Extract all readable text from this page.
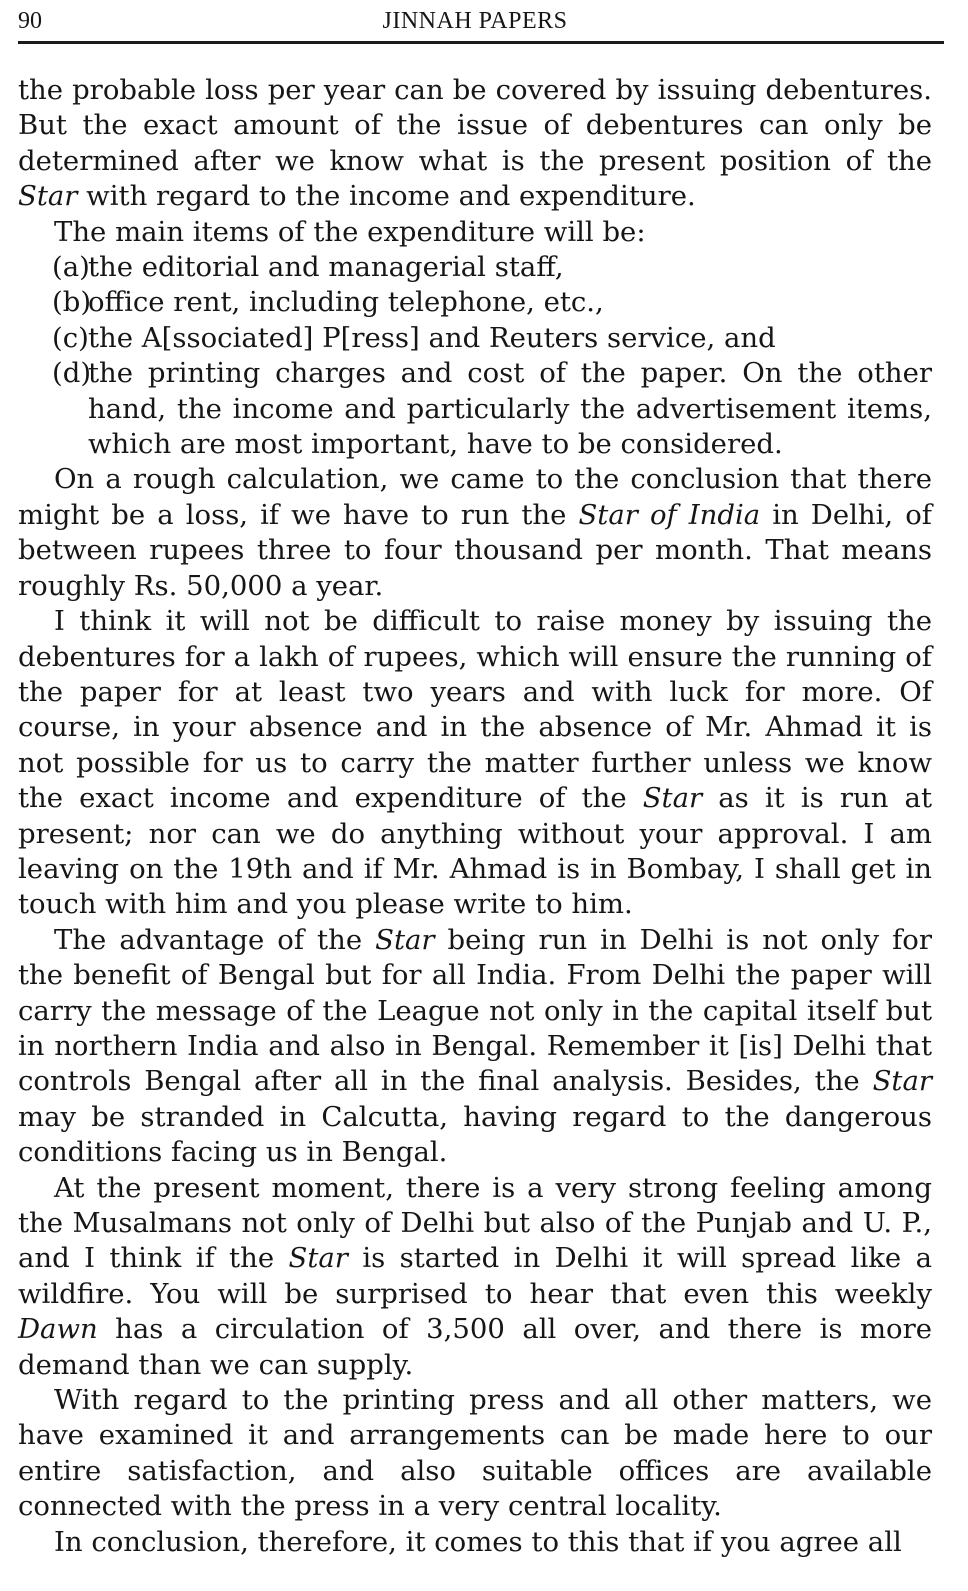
90	JINNAH PAPERS

the probable loss per year can be covered by issuing debentures. But the exact amount of the issue of debentures can only be determined after we know what is the present position of the Star with regard to the income and expenditure.

The main items of the expenditure will be:

(a)
the editorial and managerial staff,
(b)
office rent, including telephone, etc.,
(c) the A[ssociated] P[ress] and Reuters service, and
(d)
the printing charges and cost of the paper. On the other hand, the income and particularly the advertisement items, which are most important, have to be considered.

On a rough calculation, we came to the conclusion that there might be a loss, if we have to run the Star of India in Delhi, of between rupees three to four thousand per month. That means roughly Rs. 50,000 a year.

I think it will not be difficult to raise money by issuing the debentures for a lakh of rupees, which will ensure the running of the paper for at least two years and with luck for more. Of course, in your absence and in the absence of Mr. Ahmad it is not possible for us to carry the matter further unless we know the exact income and expenditure of the Star as it is run at present; nor can we do anything without your approval. I am leaving on the 19th and if Mr. Ahmad is in Bombay, I shall get in touch with him and you please write to him.

The advantage of the Star being run in Delhi is not only for the benefit of Bengal but for all India. From Delhi the paper will carry the message of the League not only in the capital itself but in northern India and also in Bengal. Remember it [is] Delhi that controls Bengal after all in the final analysis. Besides, the Star may be stranded in Calcutta, having regard to the dangerous conditions facing us in Bengal.

At the present moment, there is a very strong feeling among the Musalmans not only of Delhi but also of the Punjab and U. P., and I think if the Star is started in Delhi it will spread like a wildfire. You will be surprised to hear that even this weekly Dawn has a circulation of 3,500 all over, and there is more demand than we can supply.

With regard to the printing press and all other matters, we have examined it and arrangements can be made here to our entire satisfaction, and also suitable offices are available connected with the press in a very central locality.

In conclusion, therefore, it comes to this that if you agree all
